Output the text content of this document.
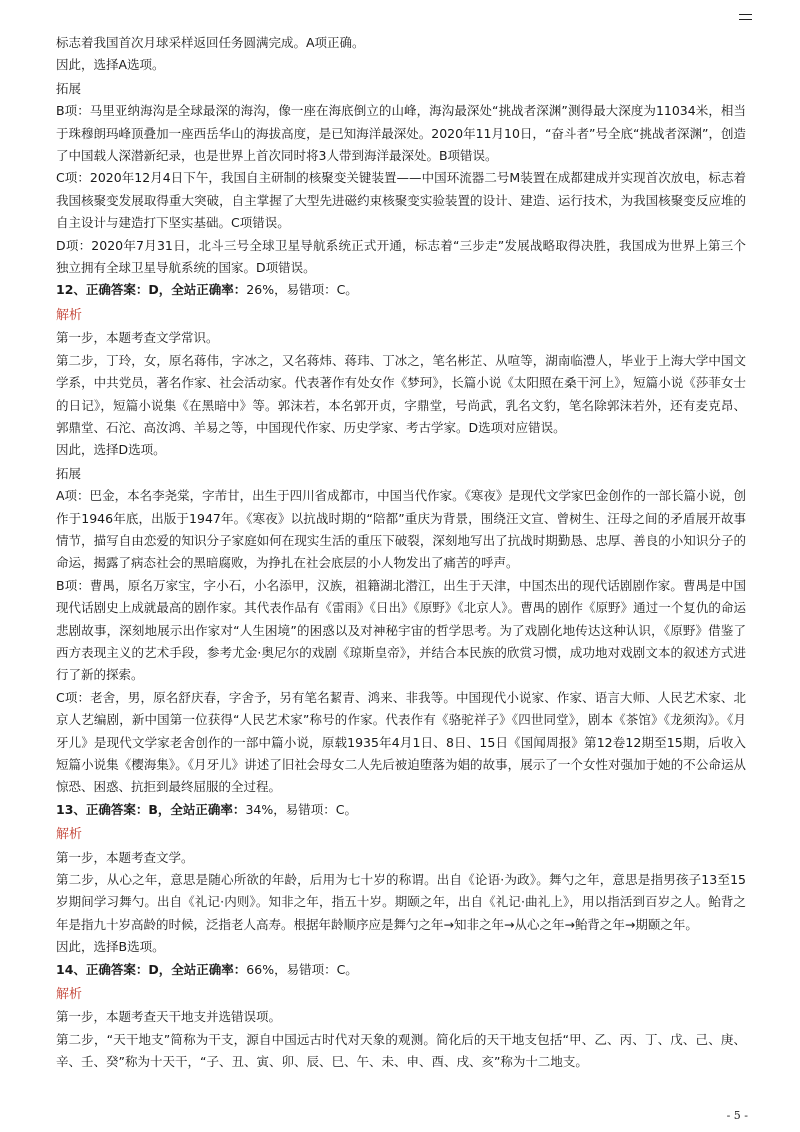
标志着我国首次月球采样返回任务圆满完成。A项正确。

因此，选择A选项。

拓展

B项：马里亚纳海沟是全球最深的海沟，像一座在海底倒立的山峰，海沟最深处“挑战者深渊”测得最大深度为11034米，相当于珠穆朗玛峰顶叠加一座西岳华山的海拔高度，是已知海洋最深处。2020年11月10日，“奋斗者”号全底“挑战者深渊”，创造了中国载人深潜新纪录，也是世界上首次同时将3人带到海洋最深处。B项错误。

C项：2020年12月4日下午，我国自主研制的核聚变关键装置——中国环流器二号M装置在成都建成并实现首次放电，标志着我国核聚变发展取得重大突破，自主掌握了大型先进磁约束核聚变实验装置的设计、建造、运行技术，为我国核聚变反应堆的自主设计与建造打下坚实基础。C项错误。

D项：2020年7月31日，北斗三号全球卫星导航系统正式开通，标志着“三步走”发展战略取得决胜，我国成为世界上第三个独立拥有全球卫星导航系统的国家。D项错误。

12、正确答案：D，全站正确率：26%，易错项：C。

解析

第一步，本题考查文学常识。

第二步，丁玲，女，原名蒋伟，字冰之，又名蒋炜、蒋玮、丁冰之，笔名彬芷、从喧等，湖南临澧人，毕业于上海大学中国文学系，中共党员，著名作家、社会活动家。代表著作有处女作《梦珂》，长篇小说《太阳照在桑干河上》，短篇小说《莎菲女士的日记》，短篇小说集《在黑暗中》等。郭沫若，本名郭开贞，字鼎堂，号尚武，乳名文豹，笔名除郭沫若外，还有麦克昂、郭鼎堂、石沱、高汝鸿、羊易之等，中国现代作家、历史学家、考古学家。D选项对应错误。

因此，选择D选项。

拓展

A项：巴金，本名李尧棠，字芾甘，出生于四川省成都市，中国当代作家。《寒夜》是现代文学家巴金创作的一部长篇小说，创作于1946年底，出版于1947年。《寒夜》以抗战时期的“陪都”重庆为背景，围绕汪文宣、曾树生、汪母之间的矛盾展开故事情节，描写自由恋爱的知识分子家庭如何在现实生活的重压下破裂，深刻地写出了抗战时期勤恳、忠厚、善良的小知识分子的命运，揭露了病态社会的黑暗腐败，为挣扎在社会底层的小人物发出了痛苦的呼声。

B项：曹禺，原名万家宝，字小石，小名添甲，汉族，祖籍湖北潜江，出生于天津，中国杰出的现代话剧剧作家。曹禺是中国现代话剧史上成就最高的剧作家。其代表作品有《雷雨》《日出》《原野》《北京人》。曹禺的剧作《原野》通过一个复仇的命运悲剧故事，深刻地展示出作家对“人生困境”的困惑以及对神秘宇宙的哲学思考。为了戏剧化地传达这种认识，《原野》借鉴了西方表现主义的艺术手段，参考尤金·奥尼尔的戏剧《琼斯皇帝》，并结合本民族的欣赏习惯，成功地对戏剧文本的叙述方式进行了新的探索。

C项：老舍，男，原名舒庆春，字舍予，另有笔名絜青、鸿来、非我等。中国现代小说家、作家、语言大师、人民艺术家、北京人艺编剧，新中国第一位获得“人民艺术家”称号的作家。代表作有《骆驼祥子》《四世同堂》，剧本《茶馆》《龙须沟》。《月牙儿》是现代文学家老舍创作的一部中篇小说，原载1935年4月1日、8日、15日《国闻周报》第12卷12期至15期，后收入短篇小说集《樱海集》。《月牙儿》讲述了旧社会母女二人先后被迫堕落为娼的故事，展示了一个女性对强加于她的不公命运从惊恐、困惑、抗拒到最终屈服的全过程。

13、正确答案：B，全站正确率：34%，易错项：C。

解析

第一步，本题考查文学。

第二步，从心之年，意思是随心所欲的年龄，后用为七十岁的称谓。出自《论语·为政》。舞勺之年，意思是指男孩子13至15岁期间学习舞勺。出自《礼记·内则》。知非之年，指五十岁。期颐之年，出自《礼记·曲礼上》，用以指活到百岁之人。鲐背之年是指九十岁高龄的时候，泛指老人高寿。根据年龄顺序应是舞勺之年→知非之年→从心之年→鲐背之年→期颐之年。

因此，选择B选项。

14、正确答案：D，全站正确率：66%，易错项：C。

解析

第一步，本题考查天干地支并选错误项。

第二步，“天干地支”简称为干支，源自中国远古时代对天象的观测。简化后的天干地支包括“甲、乙、丙、丁、戊、己、庚、辛、壬、癸”称为十天干，“子、丑、寅、卯、辰、巳、午、未、申、酉、戌、亥”称为十二地支。

- 5 -
